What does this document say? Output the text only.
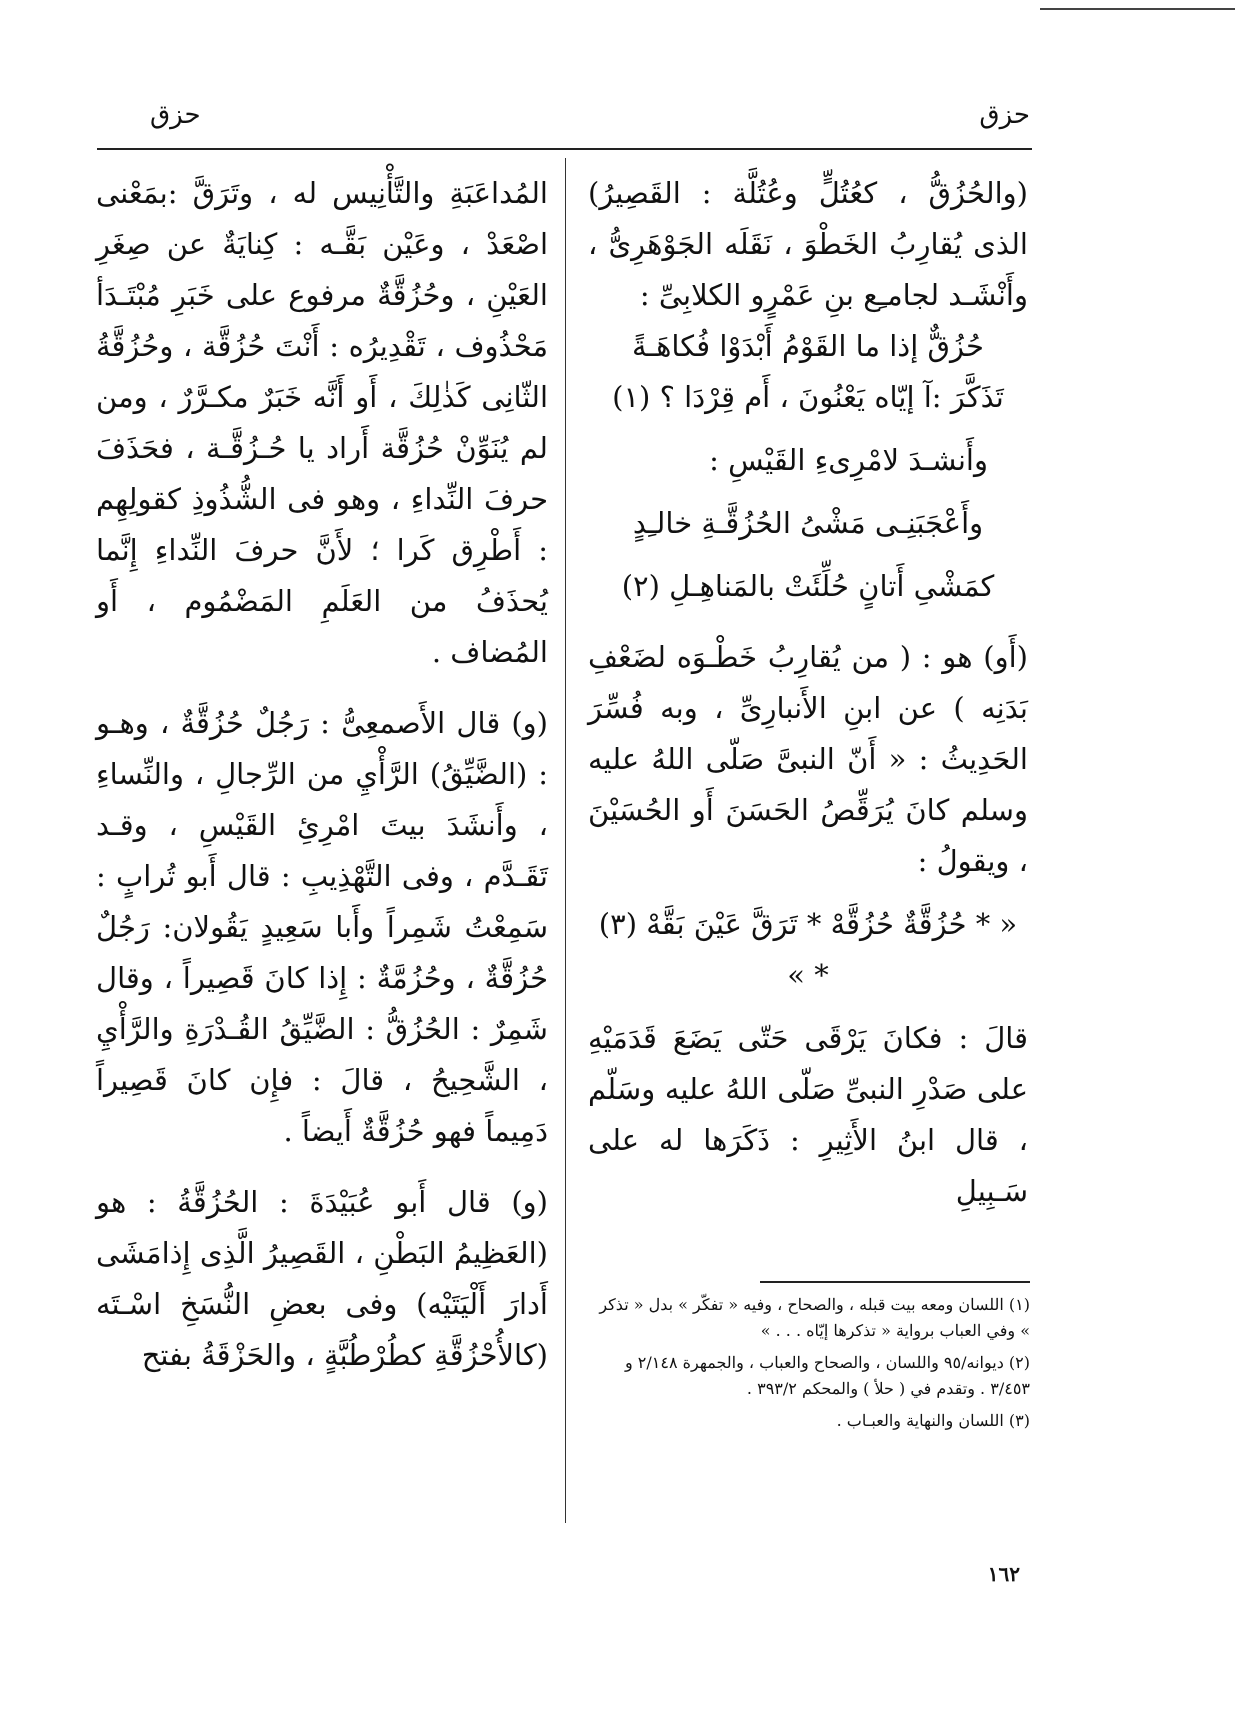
حزق
حزق

(والحُزُقُّ ، كعُتُلٍّ وعُتُلَّة : القَصِيرُ) الذى يُقارِبُ الخَطْوَ ، نَقَلَه الجَوْهَرِىُّ ، وأَنْشَـد لجامـِع بنِ عَمْرٍو الكلابِىِّ :

حُزُقٌّ إذا ما القَوْمُ أَبْدَوْا فُكاهَـةً

تَذَكَّرَ :آ إيّاه يَعْنُونَ ، أَم قِرْدَا ؟ (١)

وأَنشـدَ لامْرِىءِ القَيْسِ :

وأَعْجَبَنِـى مَشْىُ الحُزُقَّـةِ خالـِدٍ

كمَشْىِ أَتانٍ حُلِّئَتْ بالمَناهِـلِ (٢)

(أَو) هو : ( من يُقارِبُ خَطْـوَه لضَعْفِ بَدَنِه ) عن ابنِ الأَنبارِىِّ ، وبه فُسِّرَ الحَدِيثُ : « أَنّ النبىَّ صَلّى اللهُ عليه وسلم كانَ يُرَقِّصُ الحَسَنَ أَو الحُسَيْنَ ، ويقولُ :

« * حُزُقَّةٌ حُزُقَّهْ * تَرَقَّ عَيْنَ بَقَّهْ (٣) * »

قالَ : فكانَ يَرْقَى حَتّى يَضَعَ قَدَمَيْهِ على صَدْرِ النبىِّ صَلّى اللهُ عليه وسَلّم ، قال ابنُ الأَثِيرِ : ذَكَرَها له على سَـبِيلِ

المُداعَبَةِ والتَّأْنِيس له ، وتَرَقَّ :بمَعْنى اصْعَدْ ، وعَيْن بَقَّـه : كِنايَةٌ عن صِغَرِ العَيْنِ ، وحُزُقَّةٌ مرفوع على خَبَرِ مُبْتَـدَأ مَحْذُوف ، تَقْدِيرُه : أَنْتَ حُزُقَّة ، وحُزُقَّةُ الثّانِى كَذٰلِكَ ، أَو أَنَّه خَبَرٌ مكـرَّرٌ ، ومن لم يُنَوِّنْ حُزُقَّة أَراد يا حُـزُقَّـة ، فحَذَفَ حرفَ النِّداءِ ، وهو فى الشُّذُوذِ كقولِهِم : أَطْرِق كَرا ؛ لأَنَّ حرفَ النِّداءِ إِنَّما يُحذَفُ من العَلَمِ المَضْمُوم ، أَو المُضاف .

(و) قال الأَصمعِىُّ : رَجُلٌ حُزُقَّةٌ ، وهـو : (الضَّيِّقُ) الرَّأْيِ من الرِّجالِ ، والنِّساءِ ، وأَنشَدَ بيتَ امْرِئِ القَيْسِ ، وقـد تَقَـدَّم ، وفى التَّهْذِيبِ : قال أَبو تُرابٍ : سَمِعْتُ شَمِراً وأَبا سَعِيدٍ يَقُولان: رَجُلٌ حُزُقَّةٌ ، وحُزُمَّةٌ : إِذا كانَ قَصِيراً ، وقال شَمِرٌ : الحُزُقُّ : الضَّيِّقُ القُـدْرَةِ والرَّأْيِ ، الشَّحِيحُ ، قالَ : فإِن كانَ قَصِيراً دَمِيماً فهو حُزُقَّةٌ أَيضاً .

(و) قال أَبو عُبَيْدَةَ : الحُزُقَّةُ : هو (العَظِيمُ البَطْنِ ، القَصِيرُ الَّذِى إِذامَشَى أَدارَ أَلْيَتَيْه) وفى بعضِ النُّسَخِ اسْـتَه (كالأُحْزُقَّةِ كطُرْطُبَّةٍ ، والحَزْقَةُ بفتح

(١) اللسان ومعه بيت قبله ، والصحاح ، وفيه « تفكّر » بدل « تذكر » وفي العباب برواية « تذكرها إيّاه . . . »

(٢) ديوانه/٩٥ واللسان ، والصحاح والعباب ، والجمهرة ٢/١٤٨ و ٣/٤٥٣ . وتقدم في ( حلأ ) والمحكم ٣٩٣/٢ .

(٣) اللسان والنهاية والعبـاب .

١٦٢
